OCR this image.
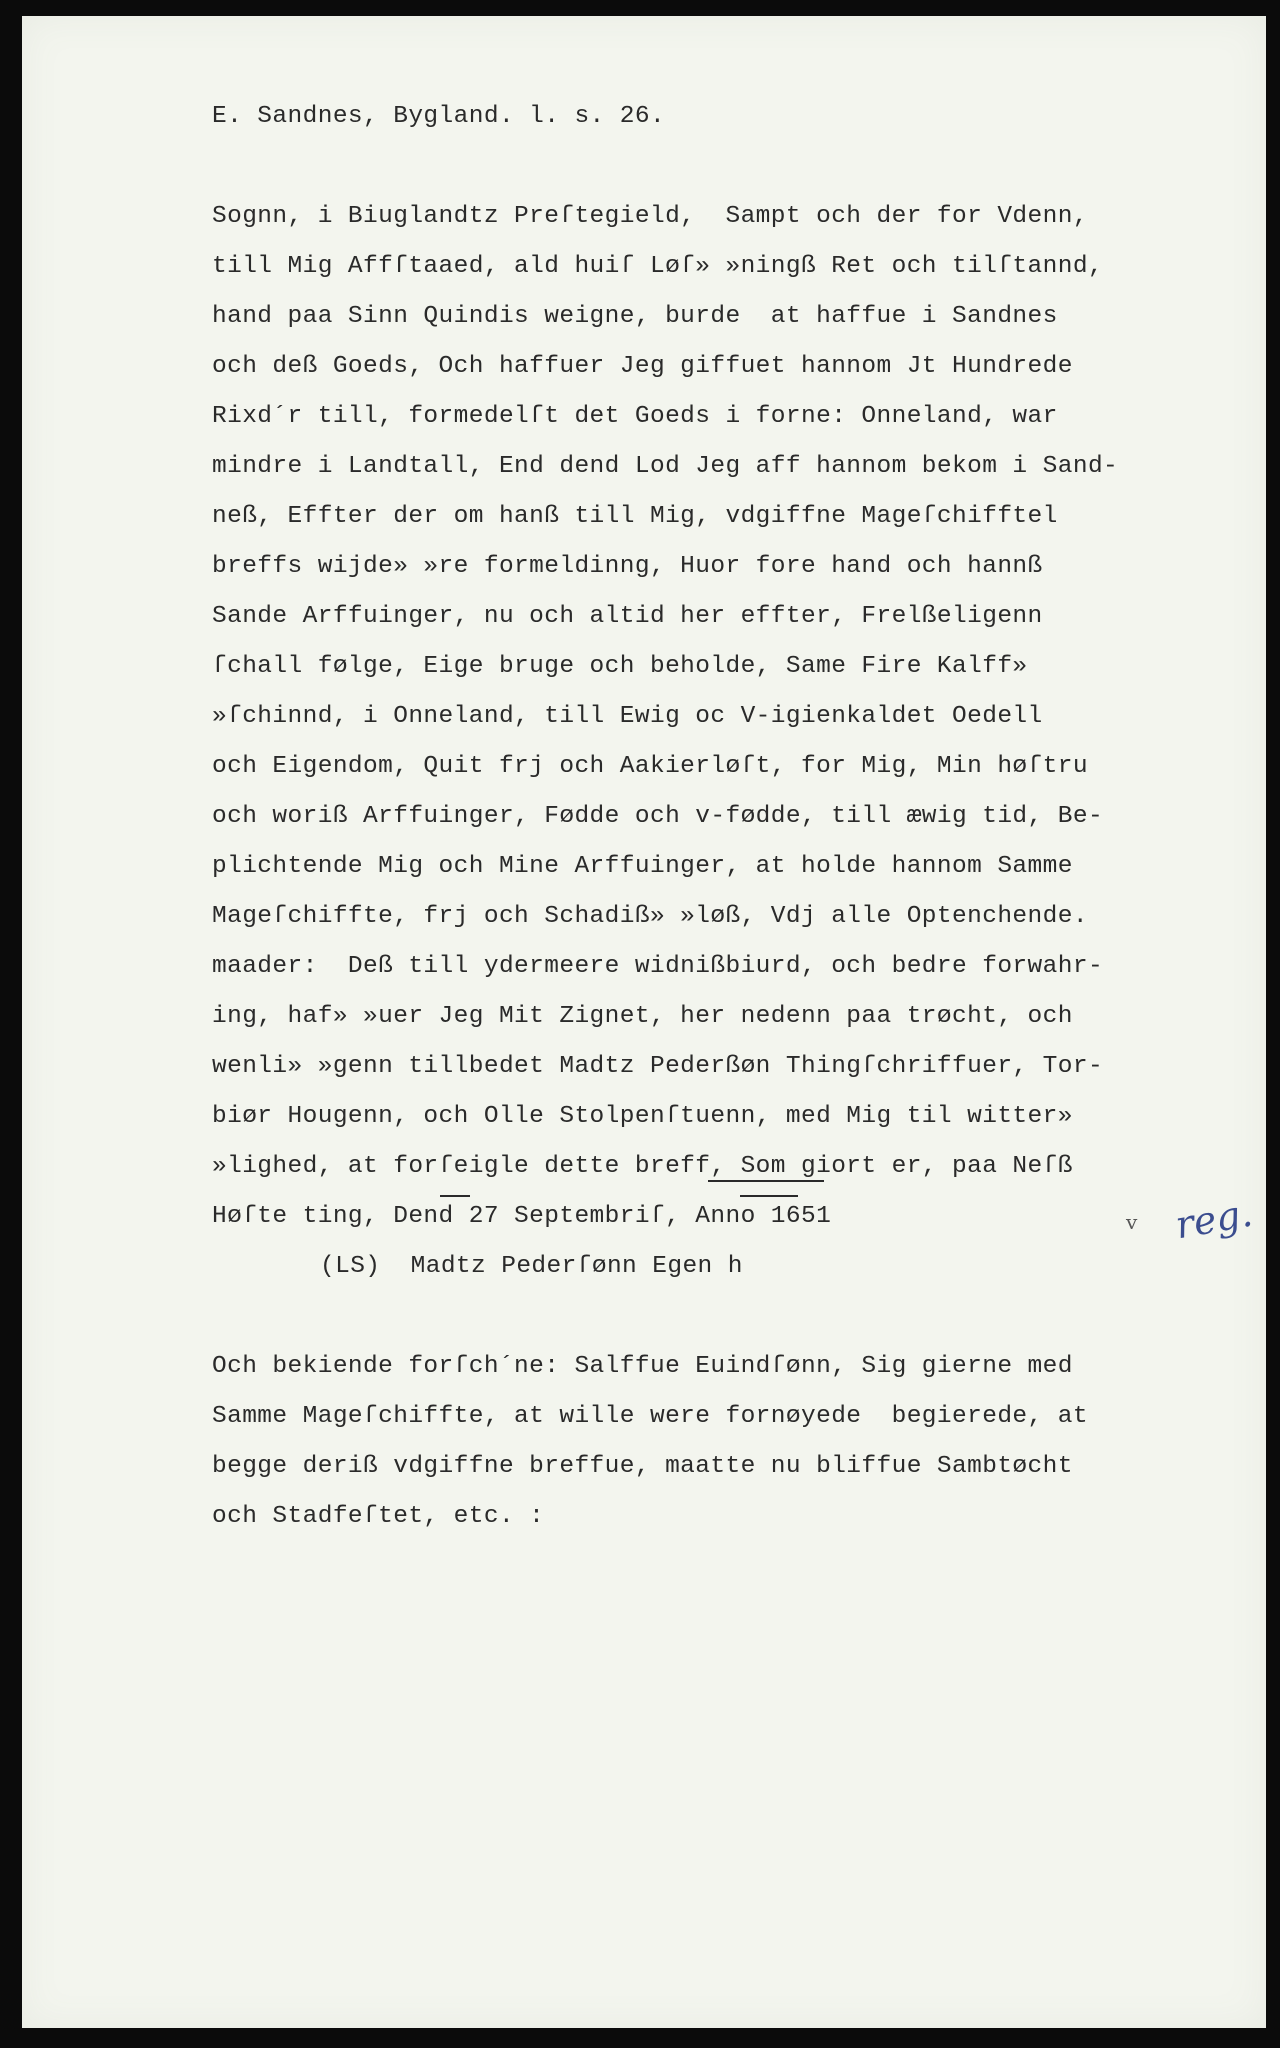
E. Sandnes, Bygland. l. s. 26.
Sognn, i Biuglandtz Preſtegield,  Sampt och der for Vdenn,
till Mig Affſtaaed, ald huiſ Løſ» »ningß Ret och tilſtannd,
hand paa Sinn Quindis weigne, burde  at haffue i Sandnes
och deß Goeds, Och haffuer Jeg giffuet hannom Jt Hundrede
Rixd´r till, formedelſt det Goeds i forne: Onneland, war
mindre i Landtall, End dend Lod Jeg aff hannom bekom i Sand-
neß, Effter der om hanß till Mig, vdgiffne Mageſchifftel
breffs wijde» »re formeldinng, Huor fore hand och hannß
Sande Arffuinger, nu och altid her effter, Frelßeligenn
ſchall følge, Eige bruge och beholde, Same Fire Kalff»
»ſchinnd, i Onneland, till Ewig oc V-igienkaldet Oedell
och Eigendom, Quit frj och Aakierløſt, for Mig, Min høſtru
och woriß Arffuinger, Fødde och v-fødde, till æwig tid, Be-
plichtende Mig och Mine Arffuinger, at holde hannom Samme
Mageſchiffte, frj och Schadiß» »løß, Vdj alle Optenchende.
maader:  Deß till ydermeere widnißbiurd, och bedre forwahr-
ing, haf» »uer Jeg Mit Zignet, her nedenn paa trøcht, och
wenli» »genn tillbedet Madtz Pederßøn Thingſchriffuer, Tor-
biør Hougenn, och Olle Stolpenſtuenn, med Mig til witter»
»lighed, at forſeigle dette breff, Som giort er, paa Neſß
Høſte ting, Dend 27 Septembriſ, Anno 1651
(LS)  Madtz Pederſønn Egen h
Och bekiende forſch´ne: Salffue Euindſønn, Sig gierne med
Samme Mageſchiffte, at wille were fornøyede  begierede, at
begge deriß vdgiffne breffue, maatte nu bliffue Sambtøcht
och Stadfeſtet, etc. :
v reg.
